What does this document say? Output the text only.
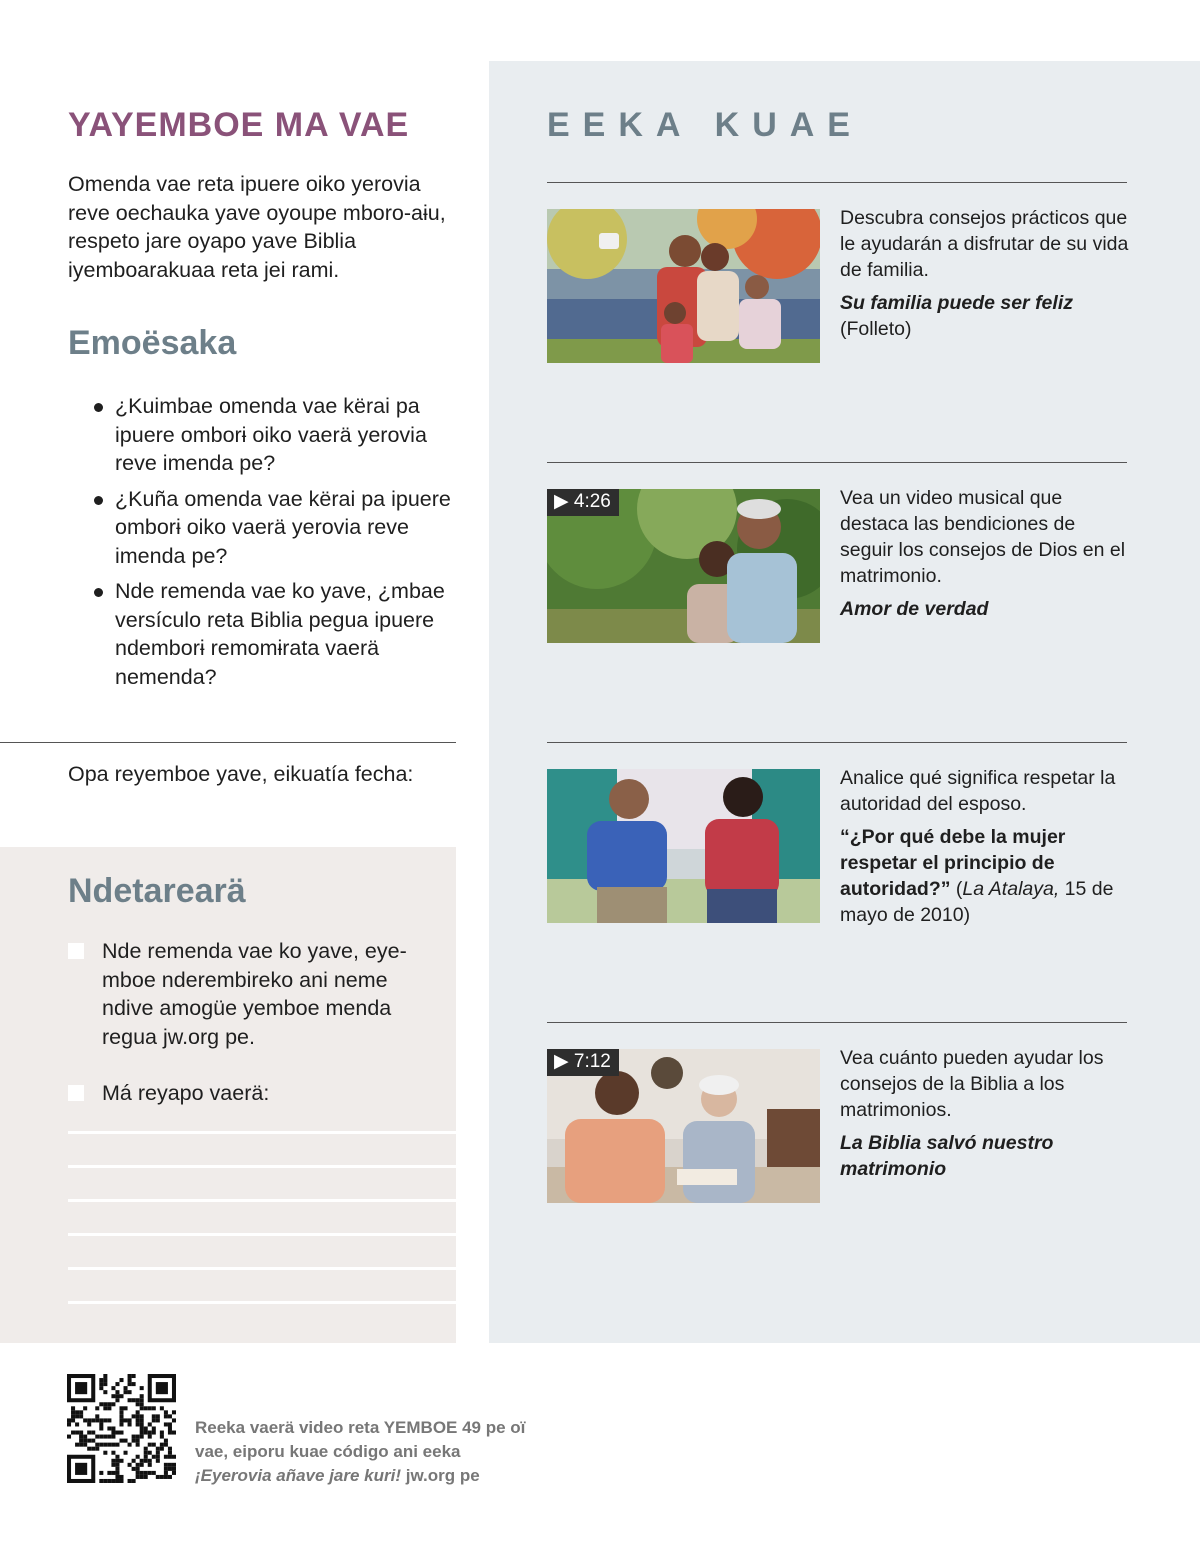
YAYEMBOE MA VAE

Omenda vae reta ipuere oiko yerovia reve oechauka yave oyoupe mboro-aɨu, respeto jare oyapo yave Biblia iyemboarakuaa reta jei rami.

Emoësaka
¿Kuimbae omenda vae kërai pa ipuere omborɨ oiko vaerä yerovia reve imenda pe?
¿Kuña omenda vae kërai pa ipuere omborɨ oiko vaerä yerovia reve imenda pe?
Nde remenda vae ko yave, ¿mbae versículo reta Biblia pegua ipuere ndemborɨ remomɨrata vaerä nemenda?

Opa reyemboe yave, eikuatía fecha:

Ndetarearä
Nde remenda vae ko yave, eye-mboe nderembireko ani neme ndive amogüe yemboe menda regua jw.org pe.
Má reyapo vaerä:
EEKA KUAE

Descubra consejos prácticos que le ayudarán a disfrutar de su vida de familia.

Su familia puede ser feliz (Folleto)

▶ 4:26	Vea un video musical que destaca las bendiciones de seguir los consejos de Dios en el matrimonio.

Amor de verdad

Analice qué significa respetar la autoridad del esposo.

“¿Por qué debe la mujer respetar el principio de autoridad?” (La Atalaya, 15 de mayo de 2010)

▶ 7:12	Vea cuánto pueden ayudar los consejos de la Biblia a los matrimonios.

La Biblia salvó nuestro matrimonio

Reeka vaerä video reta YEMBOE 49 pe oï vae, eiporu kuae código ani eeka ¡Eyerovia añave jare kuri! jw.org pe
